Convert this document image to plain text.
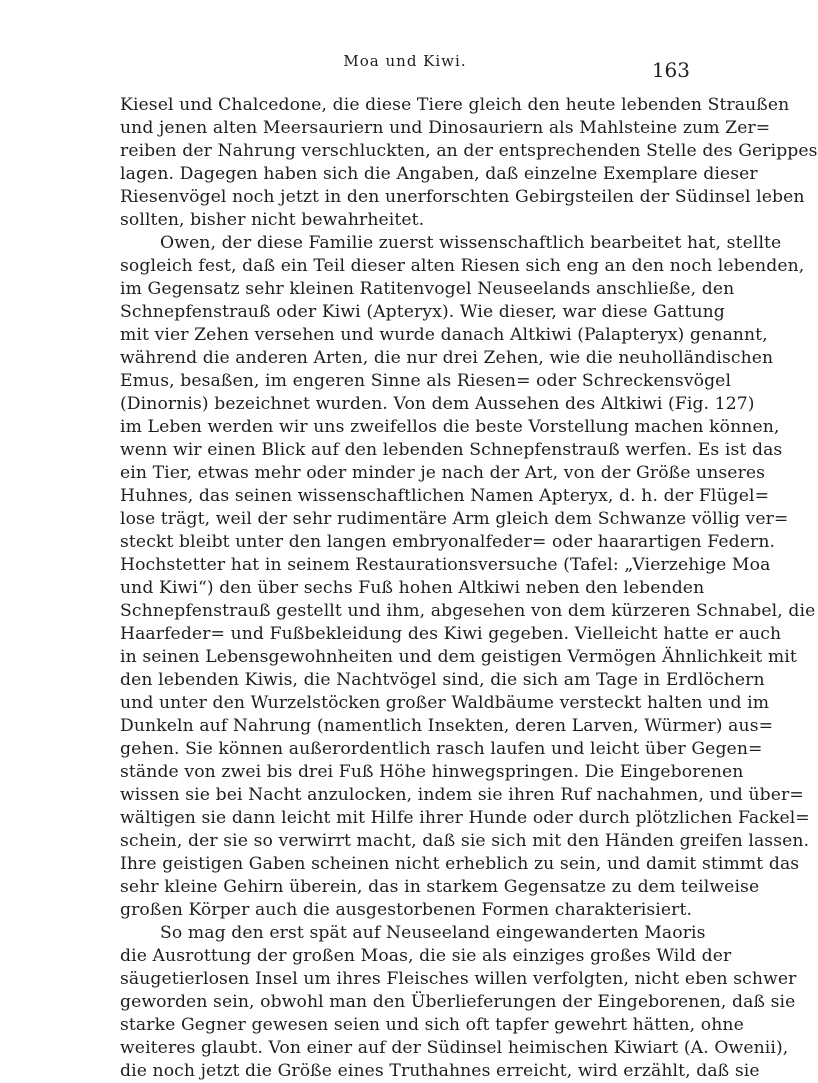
Moa und Kiwi.	163
Kiesel und Chalcedone, die diese Tiere gleich den heute lebenden Straußen
und jenen alten Meersauriern und Dinosauriern als Mahlsteine zum Zer=
reiben der Nahrung verschluckten, an der entsprechenden Stelle des Gerippes
lagen. Dagegen haben sich die Angaben, daß einzelne Exemplare dieser
Riesenvögel noch jetzt in den unerforschten Gebirgsteilen der Südinsel leben
sollten, bisher nicht bewahrheitet.
Owen, der diese Familie zuerst wissenschaftlich bearbeitet hat, stellte
sogleich fest, daß ein Teil dieser alten Riesen sich eng an den noch lebenden,
im Gegensatz sehr kleinen Ratitenvogel Neuseelands anschließe, den
Schnepfenstrauß oder Kiwi (Apteryx). Wie dieser, war diese Gattung
mit vier Zehen versehen und wurde danach Altkiwi (Palapteryx) genannt,
während die anderen Arten, die nur drei Zehen, wie die neuholländischen
Emus, besaßen, im engeren Sinne als Riesen= oder Schreckensvögel
(Dinornis) bezeichnet wurden. Von dem Aussehen des Altkiwi (Fig. 127)
im Leben werden wir uns zweifellos die beste Vorstellung machen können,
wenn wir einen Blick auf den lebenden Schnepfenstrauß werfen. Es ist das
ein Tier, etwas mehr oder minder je nach der Art, von der Größe unseres
Huhnes, das seinen wissenschaftlichen Namen Apteryx, d. h. der Flügel=
lose trägt, weil der sehr rudimentäre Arm gleich dem Schwanze völlig ver=
steckt bleibt unter den langen embryonalfeder= oder haarartigen Federn.
Hochstetter hat in seinem Restaurationsversuche (Tafel: „Vierzehige Moa
und Kiwi“) den über sechs Fuß hohen Altkiwi neben den lebenden
Schnepfenstrauß gestellt und ihm, abgesehen von dem kürzeren Schnabel, die
Haarfeder= und Fußbekleidung des Kiwi gegeben. Vielleicht hatte er auch
in seinen Lebensgewohnheiten und dem geistigen Vermögen Ähnlichkeit mit
den lebenden Kiwis, die Nachtvögel sind, die sich am Tage in Erdlöchern
und unter den Wurzelstöcken großer Waldbäume versteckt halten und im
Dunkeln auf Nahrung (namentlich Insekten, deren Larven, Würmer) aus=
gehen. Sie können außerordentlich rasch laufen und leicht über Gegen=
stände von zwei bis drei Fuß Höhe hinwegspringen. Die Eingeborenen
wissen sie bei Nacht anzulocken, indem sie ihren Ruf nachahmen, und über=
wältigen sie dann leicht mit Hilfe ihrer Hunde oder durch plötzlichen Fackel=
schein, der sie so verwirrt macht, daß sie sich mit den Händen greifen lassen.
Ihre geistigen Gaben scheinen nicht erheblich zu sein, und damit stimmt das
sehr kleine Gehirn überein, das in starkem Gegensatze zu dem teilweise
großen Körper auch die ausgestorbenen Formen charakterisiert.
So mag den erst spät auf Neuseeland eingewanderten Maoris
die Ausrottung der großen Moas, die sie als einziges großes Wild der
säugetierlosen Insel um ihres Fleisches willen verfolgten, nicht eben schwer
geworden sein, obwohl man den Überlieferungen der Eingeborenen, daß sie
starke Gegner gewesen seien und sich oft tapfer gewehrt hätten, ohne
weiteres glaubt. Von einer auf der Südinsel heimischen Kiwiart (A. Owenii),
die noch jetzt die Größe eines Truthahnes erreicht, wird erzählt, daß sie
